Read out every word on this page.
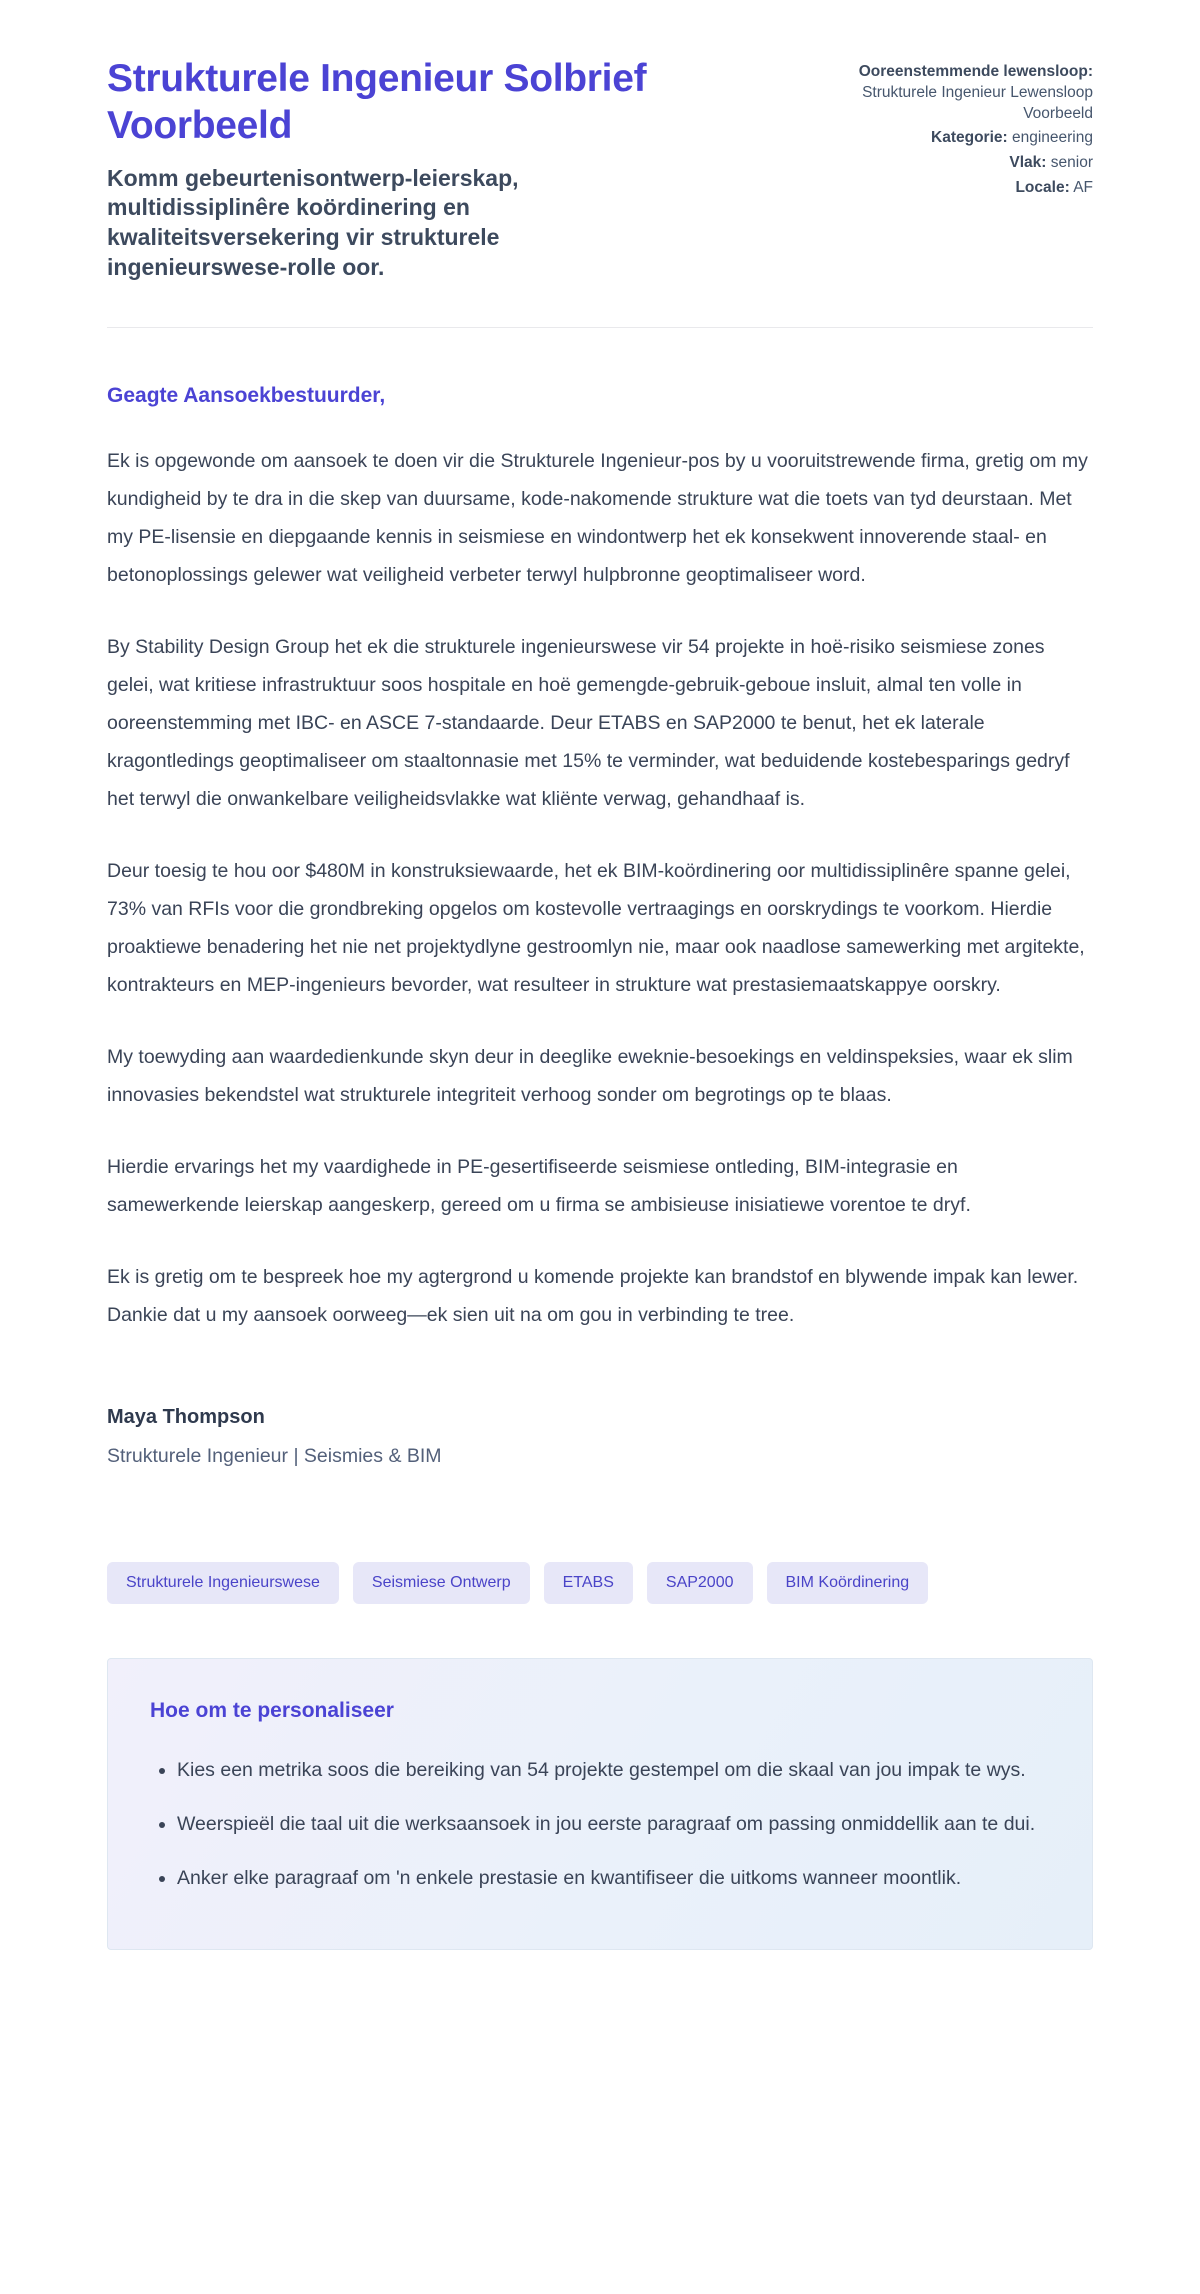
Strukturele Ingenieur Solbrief Voorbeeld

Komm gebeurtenisontwerp-leierskap, multidissiplinêre koördinering en kwaliteitsversekering vir strukturele ingenieurswese-rolle oor.

Ooreenstemmende lewensloop: Strukturele Ingenieur Lewensloop Voorbeeld
Kategorie: engineering
Vlak: senior
Locale: AF

Geagte Aansoekbestuurder,

Ek is opgewonde om aansoek te doen vir die Strukturele Ingenieur-pos by u vooruitstrewende firma, gretig om my kundigheid by te dra in die skep van duursame, kode-nakomende strukture wat die toets van tyd deurstaan. Met my PE-lisensie en diepgaande kennis in seismiese en windontwerp het ek konsekwent innoverende staal- en betonoplossings gelewer wat veiligheid verbeter terwyl hulpbronne geoptimaliseer word.

By Stability Design Group het ek die strukturele ingenieurswese vir 54 projekte in hoë-risiko seismiese zones gelei, wat kritiese infrastruktuur soos hospitale en hoë gemengde-gebruik-geboue insluit, almal ten volle in ooreenstemming met IBC- en ASCE 7-standaarde. Deur ETABS en SAP2000 te benut, het ek laterale kragontledings geoptimaliseer om staaltonnasie met 15% te verminder, wat beduidende kostebesparings gedryf het terwyl die onwankelbare veiligheidsvlakke wat kliënte verwag, gehandhaaf is.

Deur toesig te hou oor $480M in konstruksiewaarde, het ek BIM-koördinering oor multidissiplinêre spanne gelei, 73% van RFIs voor die grondbreking opgelos om kostevolle vertraagings en oorskrydings te voorkom. Hierdie proaktiewe benadering het nie net projektydlyne gestroomlyn nie, maar ook naadlose samewerking met argitekte, kontrakteurs en MEP-ingenieurs bevorder, wat resulteer in strukture wat prestasiemaatskappye oorskry.

My toewyding aan waardedienkunde skyn deur in deeglike eweknie-besoekings en veldinspeksies, waar ek slim innovasies bekendstel wat strukturele integriteit verhoog sonder om begrotings op te blaas.

Hierdie ervarings het my vaardighede in PE-gesertifiseerde seismiese ontleding, BIM-integrasie en samewerkende leierskap aangeskerp, gereed om u firma se ambisieuse inisiatiewe vorentoe te dryf.

Ek is gretig om te bespreek hoe my agtergrond u komende projekte kan brandstof en blywende impak kan lewer. Dankie dat u my aansoek oorweeg—ek sien uit na om gou in verbinding te tree.

Maya Thompson

Strukturele Ingenieur | Seismies & BIM

Strukturele Ingenieurswese	Seismiese Ontwerp	ETABS	SAP2000	BIM Koördinering
Hoe om te personaliseer
• Kies een metrika soos die bereiking van 54 projekte gestempel om die skaal van jou impak te wys.
• Weerspieël die taal uit die werksaansoek in jou eerste paragraaf om passing onmiddellik aan te dui.
• Anker elke paragraaf om 'n enkele prestasie en kwantifiseer die uitkoms wanneer moontlik.
